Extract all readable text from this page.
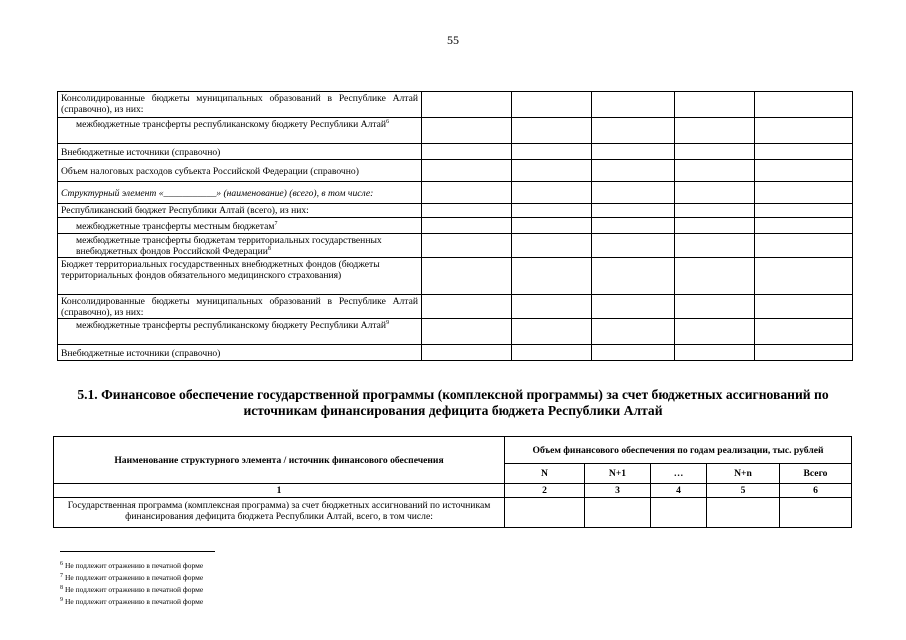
55
Консолидированные бюджеты муниципальных образований в Республике Алтай (справочно), из них:					
межбюджетные трансферты республиканскому бюджету Республики Алтай$^6$					
Внебюджетные источники (справочно)					
Объем налоговых расходов субъекта Российской Федерации (справочно)					
Структурный элемент «___________» (наименование) (всего), в том числе:					
Республиканский бюджет Республики Алтай (всего), из них:					
межбюджетные трансферты местным бюджетам$^7$					
межбюджетные трансферты бюджетам территориальных государственных внебюджетных фондов Российской Федерации$^8$					
Бюджет территориальных государственных внебюджетных фондов (бюджеты территориальных фондов обязательного медицинского страхования)					
Консолидированные бюджеты муниципальных образований в Республике Алтай (справочно), из них:					
межбюджетные трансферты республиканскому бюджету Республики Алтай$^9$					
Внебюджетные источники (справочно)					
5.1. Финансовое обеспечение государственной программы (комплексной программы) за счет бюджетных ассигнований по источникам финансирования дефицита бюджета Республики Алтай
Наименование структурного элемента / источник финансового обеспечения	Объем финансового обеспечения по годам реализации, тыс. рублей				
	N	N+1	…	N+n	Всего
1	2	3	4	5	6
Государственная программа (комплексная программа) за счет бюджетных ассигнований по источникам финансирования дефицита бюджета Республики Алтай, всего, в том числе:					
$^6$ Не подлежит отражению в печатной форме
$^7$ Не подлежит отражению в печатной форме
$^8$ Не подлежит отражению в печатной форме
$^9$ Не подлежит отражению в печатной форме
